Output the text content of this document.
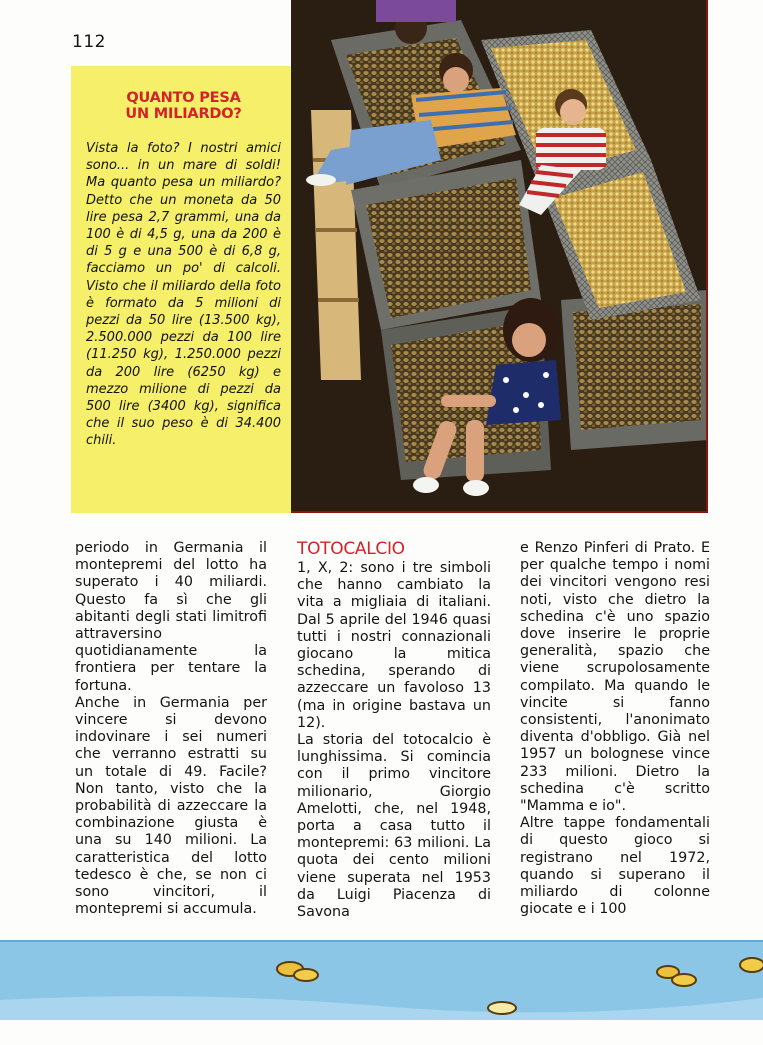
112
QUANTO PESA
UN MILIARDO?
Vista la foto? I nostri amici sono... in un mare di soldi! Ma quanto pesa un miliardo? Detto che un moneta da 50 lire pesa 2,7 grammi, una da 100 è di 4,5 g, una da 200 è di 5 g e una 500 è di 6,8 g, facciamo un po' di calcoli. Visto che il miliardo della foto è formato da 5 milioni di pezzi da 50 lire (13.500 kg), 2.500.000 pezzi da 100 lire (11.250 kg), 1.250.000 pezzi da 200 lire (6250 kg) e mezzo milione di pezzi da 500 lire (3400 kg), significa che il suo peso è di 34.400 chili.

periodo in Germania il montepremi del lotto ha superato i 40 miliardi. Questo fa sì che gli abitanti degli stati limitrofi attraversino quotidianamente la frontiera per tentare la fortuna.

Anche in Germania per vincere si devono indovinare i sei numeri che verranno estratti su un totale di 49. Facile? Non tanto, visto che la probabilità di azzeccare la combinazione giusta è una su 140 milioni. La caratteristica del lotto tedesco è che, se non ci sono vincitori, il montepremi si accumula.

TOTOCALCIO

1, X, 2: sono i tre simboli che hanno cambiato la vita a migliaia di italiani. Dal 5 aprile del 1946 quasi tutti i nostri connazionali giocano la mitica schedina, sperando di azzeccare un favoloso 13 (ma in origine bastava un 12).

La storia del totocalcio è lunghissima. Si comincia con il primo vincitore milionario, Giorgio Amelotti, che, nel 1948, porta a casa tutto il montepremi: 63 milioni. La quota dei cento milioni viene superata nel 1953 da Luigi Piacenza di Savona

e Renzo Pinferi di Prato. E per qualche tempo i nomi dei vincitori vengono resi noti, visto che dietro la schedina c'è uno spazio dove inserire le proprie generalità, spazio che viene scrupolosamente compilato. Ma quando le vincite si fanno consistenti, l'anonimato diventa d'obbligo. Già nel 1957 un bolognese vince 233 milioni. Dietro la schedina c'è scritto "Mamma e io".

Altre tappe fondamentali di questo gioco si registrano nel 1972, quando si superano il miliardo di colonne giocate e i 100
